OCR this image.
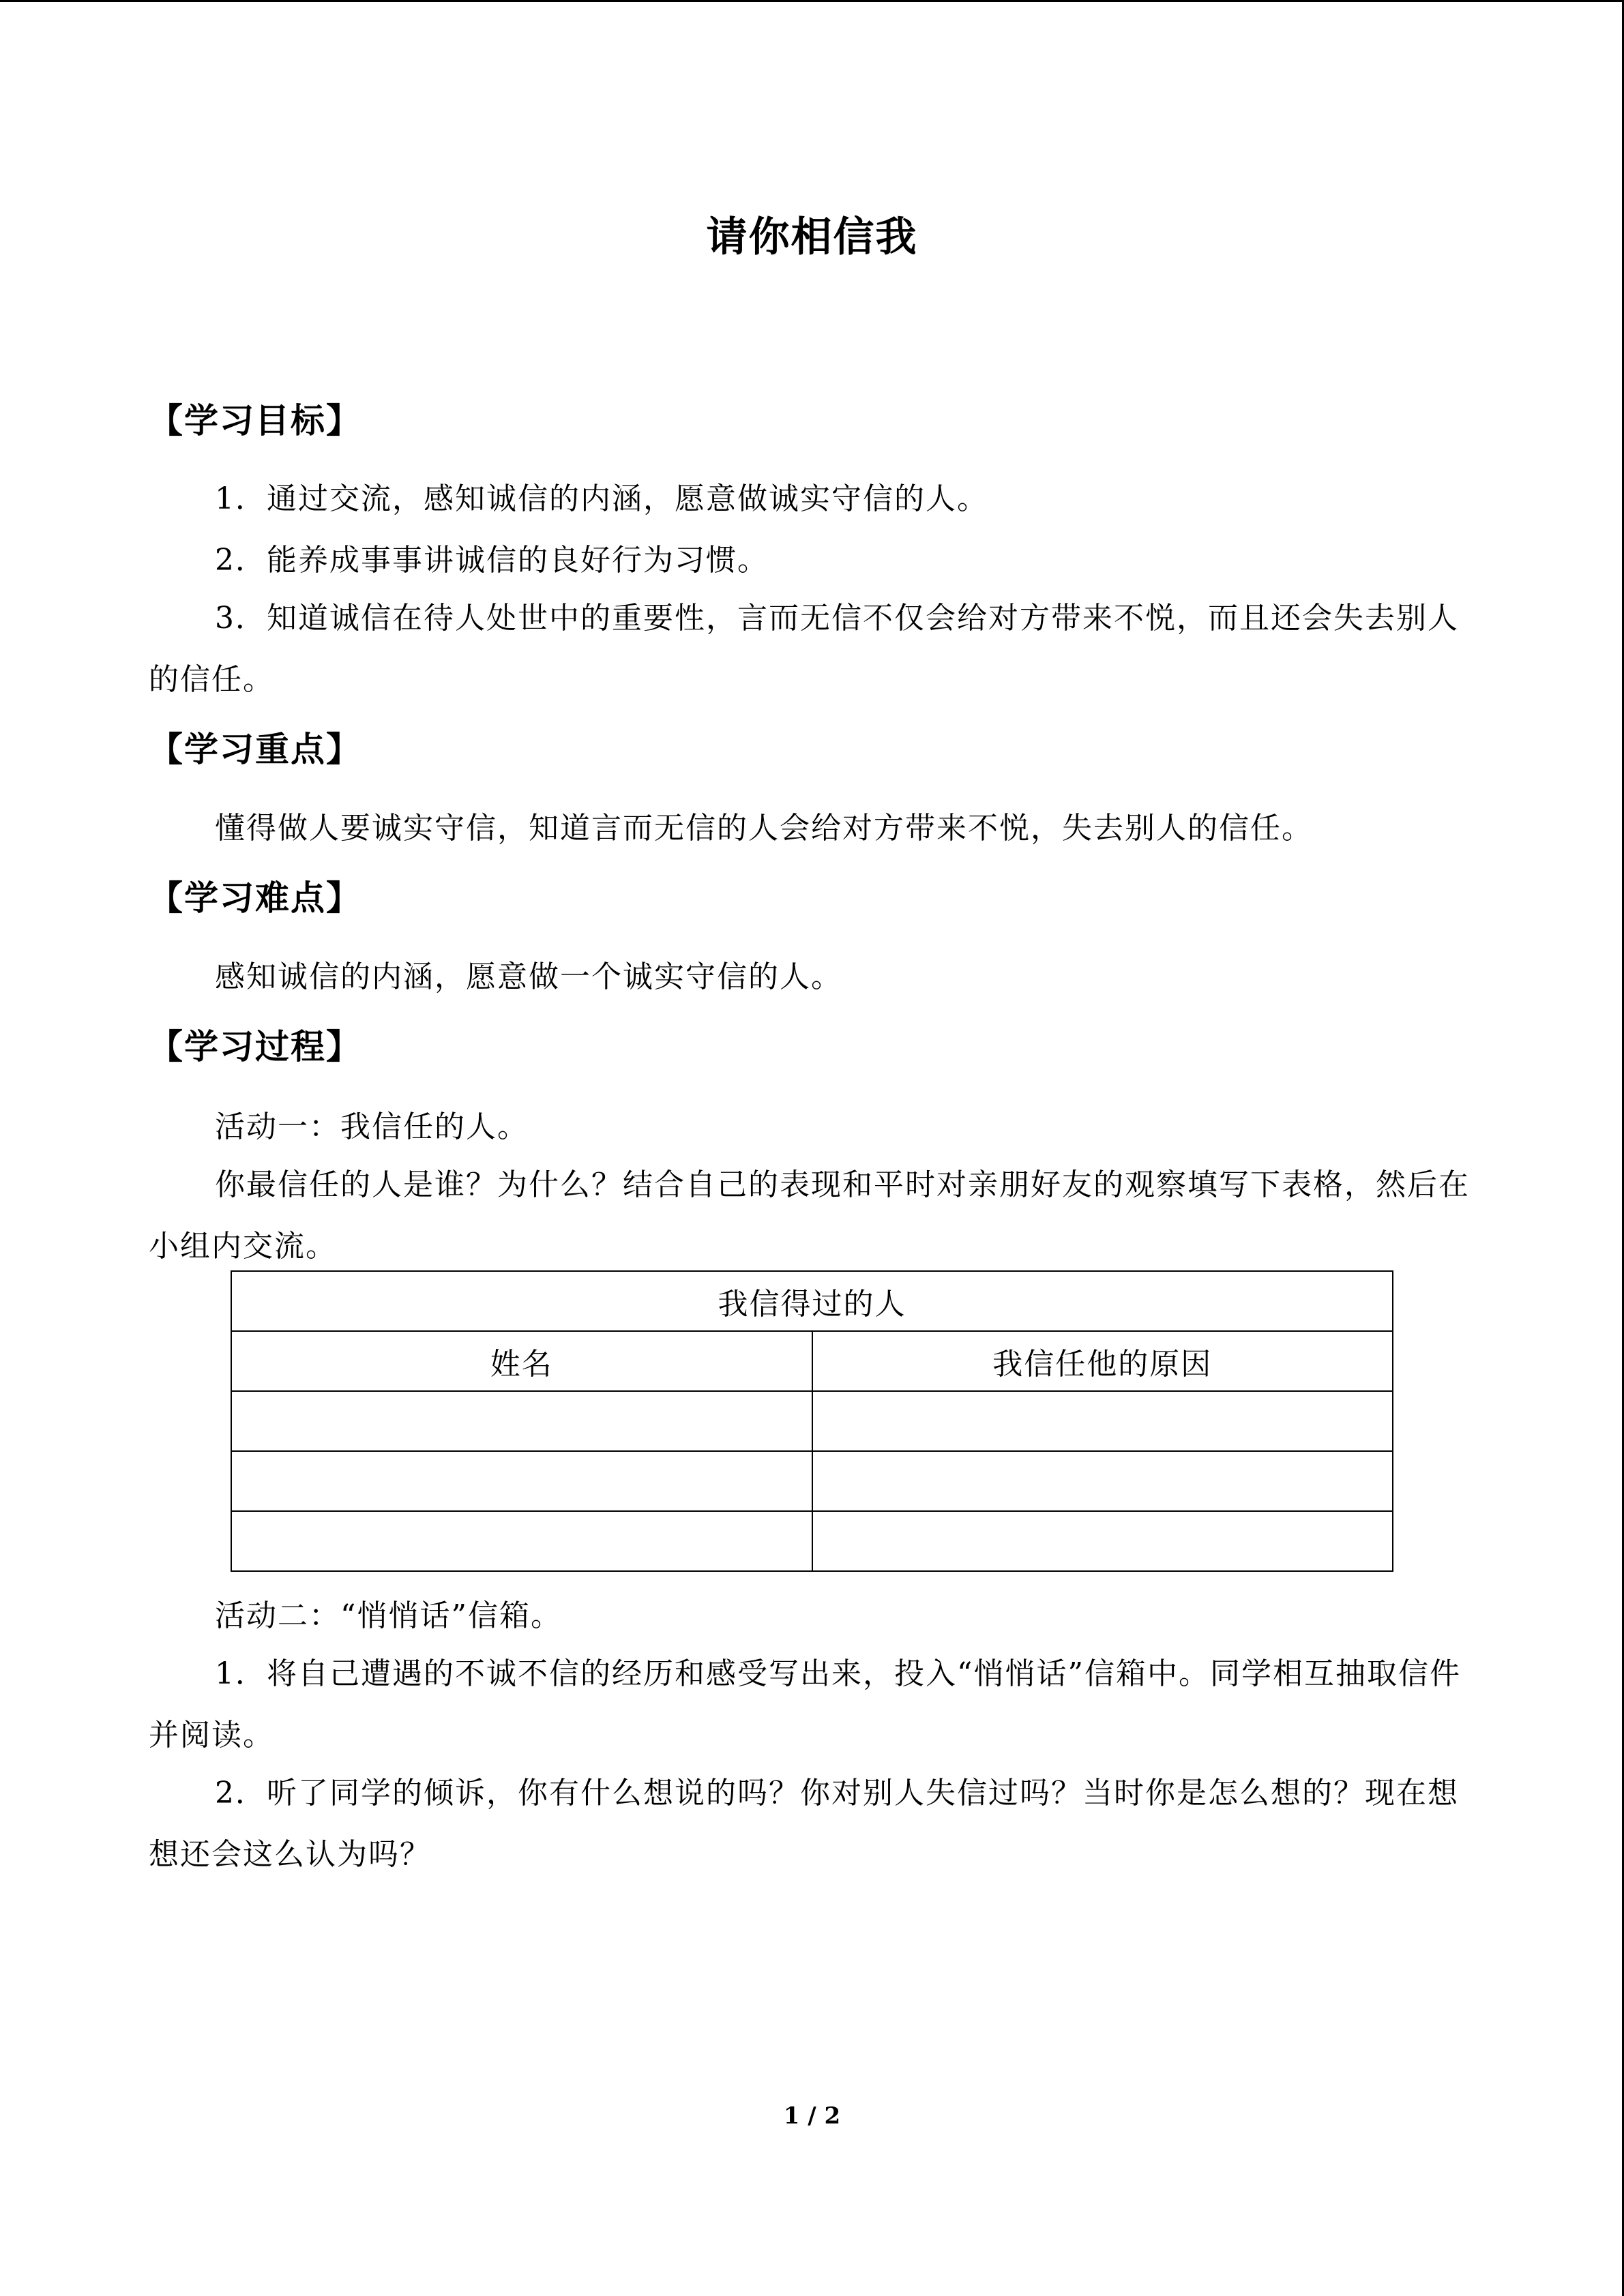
请你相信我
【学习目标】
1．通过交流，感知诚信的内涵，愿意做诚实守信的人。
2．能养成事事讲诚信的良好行为习惯。
3．知道诚信在待人处世中的重要性，言而无信不仅会给对方带来不悦，而且还会失去别人的信任。
【学习重点】
懂得做人要诚实守信，知道言而无信的人会给对方带来不悦，失去别人的信任。
【学习难点】
感知诚信的内涵，愿意做一个诚实守信的人。
【学习过程】
活动一：我信任的人。
你最信任的人是谁？为什么？结合自己的表现和平时对亲朋好友的观察填写下表格，然后在小组内交流。
我信得过的人	
姓名	我信任他的原因

活动二：“悄悄话”信箱。
1．将自己遭遇的不诚不信的经历和感受写出来，投入“悄悄话”信箱中。同学相互抽取信件并阅读。
2．听了同学的倾诉，你有什么想说的吗？你对别人失信过吗？当时你是怎么想的？现在想想还会这么认为吗？
1 / 2
